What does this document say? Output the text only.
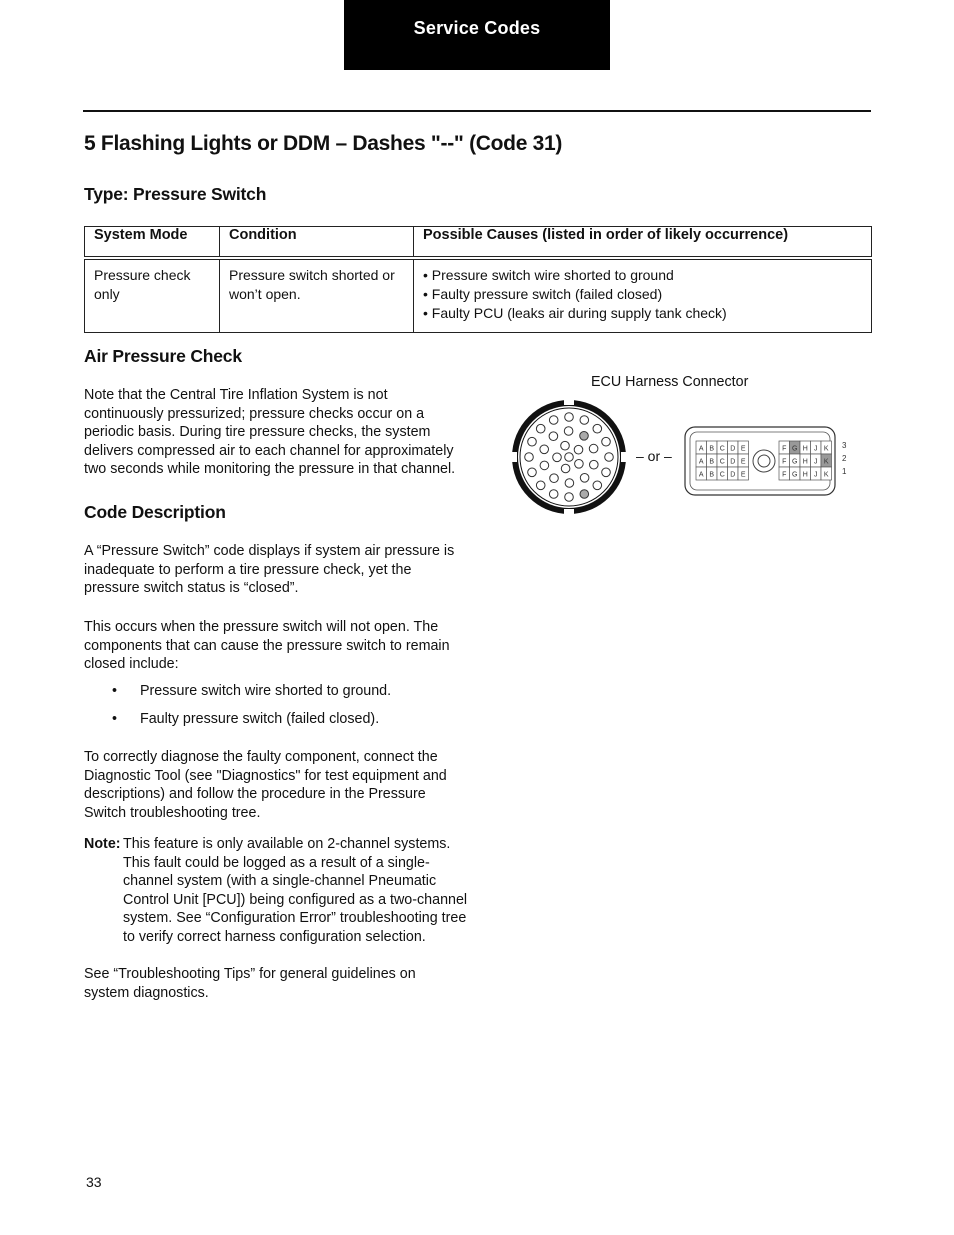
Service Codes
5 Flashing Lights or DDM – Dashes "--" (Code 31)
Type: Pressure Switch
System Mode	Condition	Possible Causes (listed in order of likely occurrence)
Pressure check only	Pressure switch shorted or won’t open.	• Pressure switch wire shorted to ground
• Faulty pressure switch (failed closed)
• Faulty PCU (leaks air during supply tank check)
Air Pressure Check

Note that the Central Tire Inflation System is not continuously pressurized; pressure checks occur on a periodic basis. During tire pressure checks, the system delivers compressed air to each channel for approximately two seconds while monitoring the pressure in that channel.

Code Description

A “Pressure Switch” code displays if system air pressure is inadequate to perform a tire pressure check, yet the pressure switch status is “closed”.

This occurs when the pressure switch will not open. The components that can cause the pressure switch to remain closed include:

• Pressure switch wire shorted to ground.
• Faulty pressure switch (failed closed).

To correctly diagnose the faulty component, connect the Diagnostic Tool (see "Diagnostics" for test equipment and descriptions) and follow the procedure in the Pressure Switch troubleshooting tree.

Note: This feature is only available on 2-channel systems. This fault could be logged as a result of a single-channel system (with a single-channel Pneumatic Control Unit [PCU]) being configured as a two-channel system. See “Configuration Error” troubleshooting tree to verify correct harness configuration selection.

See “Troubleshooting Tips” for general guidelines on system diagnostics.

ECU Harness Connector
– or –	A B C D E
A B C D E
A B C D E
F G H J K
F G H J K
F G H J K
3
2
1
33
